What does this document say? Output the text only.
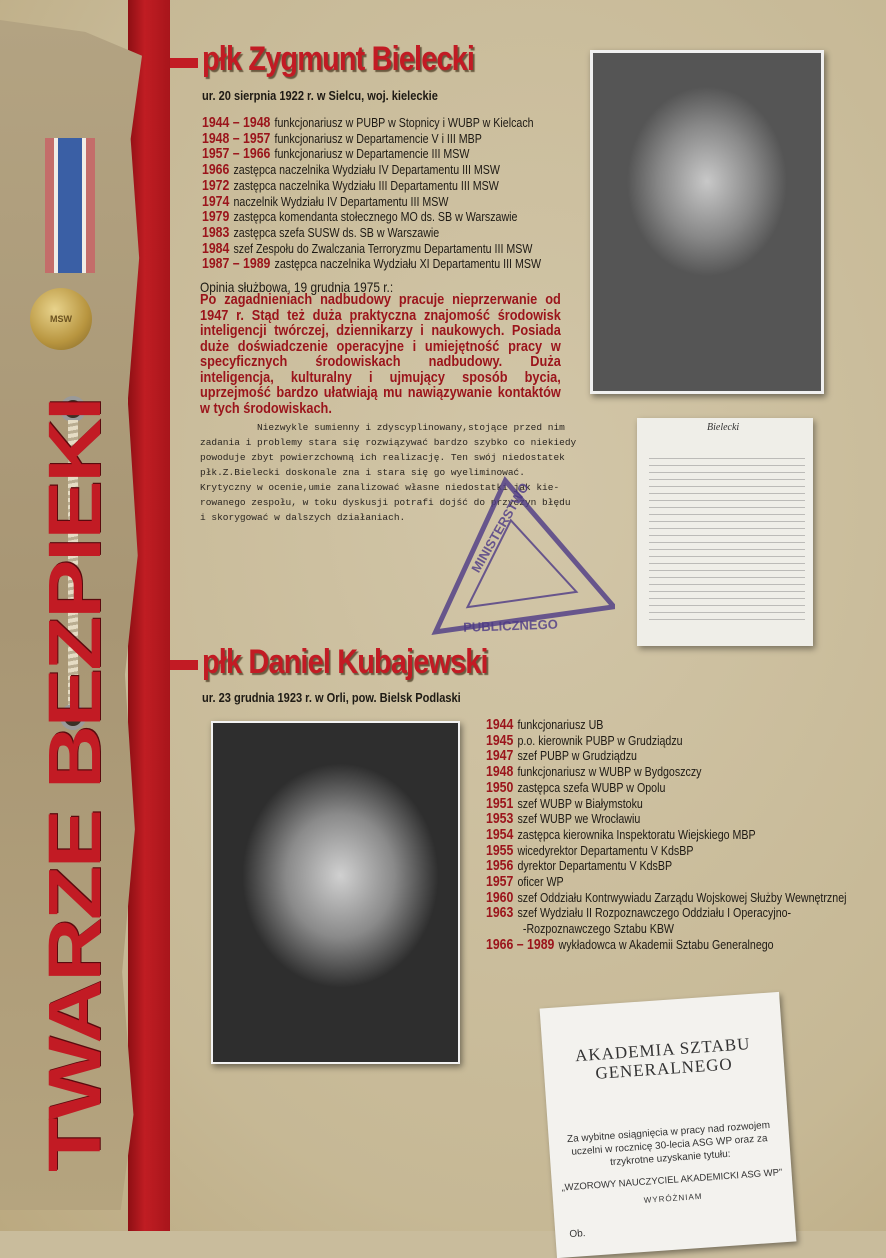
MSW
TWARZE BEZPIEKI
płk Zygmunt Bielecki
ur. 20 sierpnia 1922 r. w Sielcu, woj. kieleckie
1944 – 1948 funkcjonariusz w PUBP w Stopnicy i WUBP w Kielcach
1948 – 1957 funkcjonariusz w Departamencie V i III MBP
1957 – 1966 funkcjonariusz w Departamencie III MSW
1966 zastępca naczelnika Wydziału IV Departamentu III MSW
1972 zastępca naczelnika Wydziału III Departamentu III MSW
1974 naczelnik Wydziału IV Departamentu III MSW
1979 zastępca komendanta stołecznego MO ds. SB w Warszawie
1983 zastępca szefa SUSW ds. SB w Warszawie
1984 szef Zespołu do Zwalczania Terroryzmu Departamentu III MSW
1987 – 1989 zastępca naczelnika Wydziału XI Departamentu III MSW
Opinia służbowa, 19 grudnia 1975 r.:
Po zagadnieniach nadbudowy pracuje nieprzerwanie od 1947 r. Stąd też duża praktyczna znajomość środowisk inteligencji twórczej, dziennikarzy i naukowych. Posiada duże doświadczenie operacyjne i umiejętność pracy w specyficznych środowiskach nadbudowy. Duża inteligencja, kulturalny i ujmujący sposób bycia, uprzejmość bardzo ułatwiają mu nawiązywanie kontaktów w tych środowiskach.
Niezwykle sumienny i zdyscyplinowany,stojące przed nim
zadania i problemy stara się rozwiązywać bardzo szybko co niekiedy
powoduje zbyt powierzchowną ich realizację. Ten swój niedostatek
płk.Z.Bielecki doskonale zna i stara się go wyeliminować.
Krytyczny w ocenie,umie zanalizować własne niedostatki jak kie-
rowanego zespołu, w toku dyskusji potrafi dojść do przyczyn błędu
i skorygować w dalszych działaniach.	MINISTERSTWO
PUBLICZNEGO
Bielecki
płk Daniel Kubajewski
ur. 23 grudnia 1923 r. w Orli, pow. Bielsk Podlaski
1944 funkcjonariusz UB
1945 p.o. kierownik PUBP w Grudziądzu
1947 szef PUBP w Grudziądzu
1948 funkcjonariusz w WUBP w Bydgoszczy
1950 zastępca szefa WUBP w Opolu
1951 szef WUBP w Białymstoku
1953 szef WUBP we Wrocławiu
1954 zastępca kierownika Inspektoratu Wiejskiego MBP
1955 wicedyrektor Departamentu V KdsBP
1956 dyrektor Departamentu V KdsBP
1957 oficer WP
1960 szef Oddziału Kontrwywiadu Zarządu Wojskowej Służby Wewnętrznej
1963 szef Wydziału II Rozpoznawczego Oddziału I Operacyjno-
-Rozpoznawczego Sztabu KBW
1966 – 1989 wykładowca w Akademii Sztabu Generalnego
AKADEMIA SZTABU GENERALNEGO
Za wybitne osiągnięcia w pracy nad rozwojem uczelni w rocznicę 30-lecia ASG WP oraz za trzykrotne uzyskanie tytułu:
„WZOROWY NAUCZYCIEL AKADEMICKI ASG WP”
WYRÓŻNIAM
Ob.
